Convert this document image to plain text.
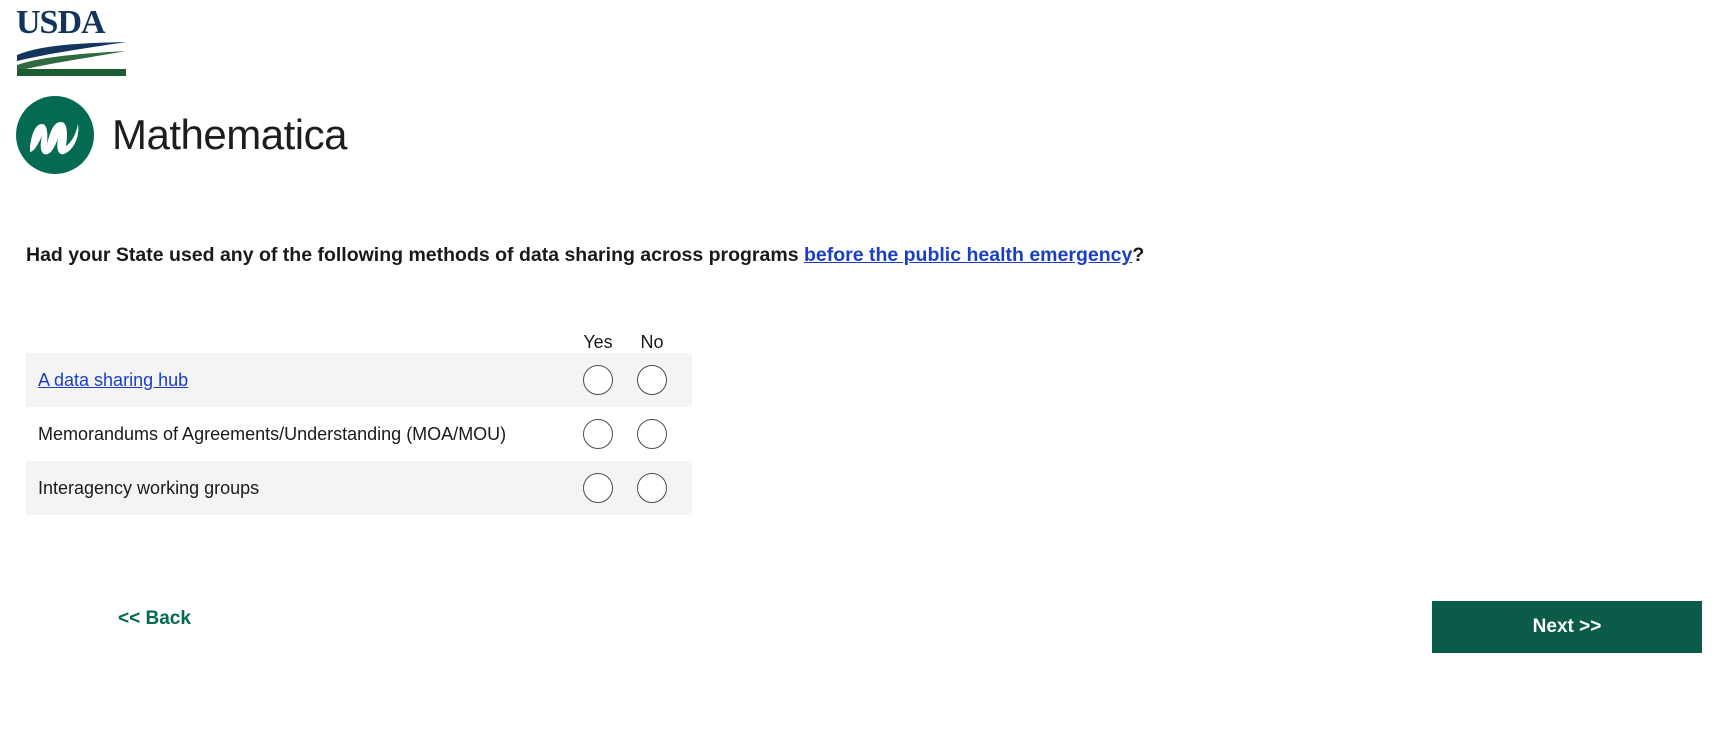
USDA
Mathematica
Had your State used any of the following methods of data sharing across programs before the public health emergency?
Yes	No
A data sharing hub
Memorandums of Agreements/Understanding (MOA/MOU)
Interagency working groups
<< Back	Next >>
